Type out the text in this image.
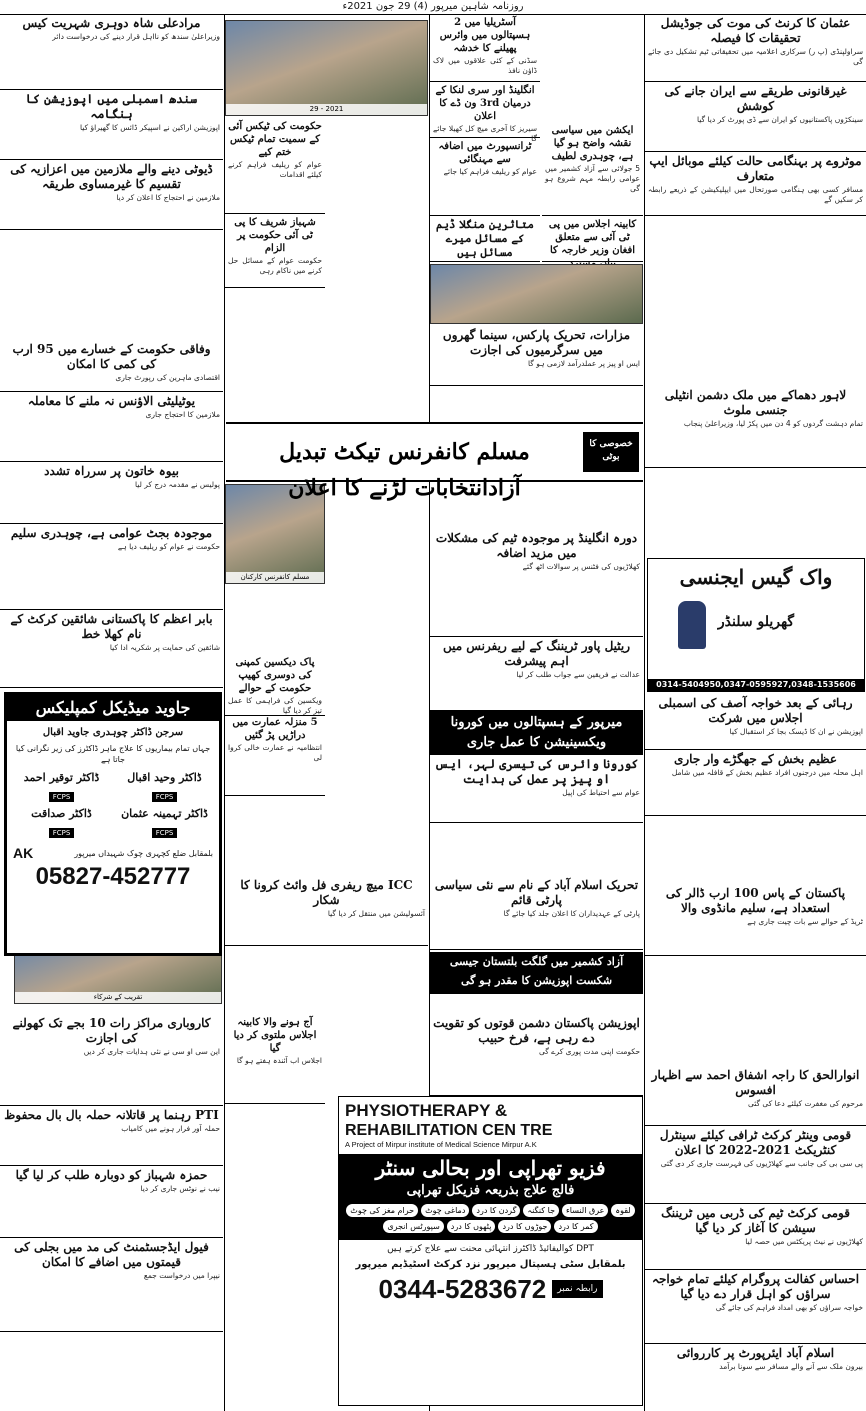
روزنامہ شاہین میرپور (4) 29 جون 2021ء
عثمان کا کرنٹ کی موت کی جوڈیشل تحقیقات کا فیصلہ

سراولپنڈی (پ ر) سرکاری اعلامیہ میں تحقیقاتی ٹیم تشکیل دی جائے گی

غیرقانونی طریقے سے ایران جانے کی کوشش

سینکڑوں پاکستانیوں کو ایران سے ڈی پورٹ کر دیا گیا

موٹروے پر بہنگامی حالت کیلئے موبائل ایپ متعارف

مسافر کسی بھی ہنگامی صورتحال میں ایپلیکیشن کے ذریعے رابطہ کر سکیں گے

لاہور دھماکے میں ملک دشمن انٹیلی جنسی ملوث

تمام دہشت گردوں کو 4 دن میں پکڑ لیا، وزیراعلیٰ پنجاب

واک گیس ایجنسی
گھریلو سلنڈر
0314-5404950,0347-0595927,0348-1535606
رہائی کے بعد خواجہ آصف کی اسمبلی اجلاس میں شرکت

اپوزیشن نے ان کا ڈیسک بجا کر استقبال کیا

عظیم بخش کے جھگڑے وار جاری

اہل محلہ میں درجنوں افراد عظیم بخش کے قافلہ میں شامل

پاکستان کے پاس 100 ارب ڈالر کی استعداد ہے، سلیم مانڈوی والا

ٹریڈ کے حوالے سے بات چیت جاری ہے

انوارالحق کا راجہ اشفاق احمد سے اظہار افسوس

مرحوم کی مغفرت کیلئے دعا کی گئی

قومی وینٹر کرکٹ ٹرافی کیلئے سینٹرل کنٹریکٹ 2021-2022 کا اعلان

پی سی بی کی جانب سے کھلاڑیوں کی فہرست جاری کر دی گئی

قومی کرکٹ ٹیم کی ڈربی میں ٹریننگ سیشن کا آغاز کر دیا گیا

کھلاڑیوں نے نیٹ پریکٹس میں حصہ لیا

احساس کفالت پروگرام کیلئے تمام خواجہ سراؤں کو اہل قرار دے دیا گیا

خواجہ سراؤں کو بھی امداد فراہم کی جائے گی

اسلام آباد ایئرپورٹ پر کارروائی

بیرون ملک سے آنے والے مسافر سے سونا برآمد

آسٹریلیا میں 2 ہسپتالوں میں وائرس پھیلنے کا خدشہ

سڈنی کے کئی علاقوں میں لاک ڈاؤن نافذ

انگلینڈ اور سری لنکا کے درمیان 3rd ون ڈے کا اعلان

سیریز کا آخری میچ کل کھیلا جائے گا

ٹرانسپورٹ میں اضافہ سے مہنگائی

عوام کو ریلیف فراہم کیا جائے

ایکشن میں سیاسی نقشہ واضح ہو گیا ہے، چوہدری لطیف

5 جولائی سے آزاد کشمیر میں عوامی رابطہ مہم شروع ہو گی

کابینہ اجلاس میں پی ٹی آئی سے متعلق افغان وزیر خارجہ کا
متاثرین منگلا ڈیم کے مسائل میرے مسائل ہیں
مزارات، تحریک پارکس، سینما گھروں میں سرگرمیوں کی اجازت

ایس او پیز پر عملدرآمد لازمی ہو گا

دورہ انگلینڈ پر موجودہ ٹیم کی مشکلات میں مزید اضافہ

کھلاڑیوں کی فٹنس پر سوالات اٹھ گئے

ریٹیل پاور ٹریننگ کے لیے ریفرنس میں اہم پیشرفت

عدالت نے فریقین سے جواب طلب کر لیا

میرپور کے ہسپتالوں میں کورونا ویکسینیشن کا عمل جاری
کورونا وائرس کی تیسری لہر، ایس او پیز پر عمل کی ہدایت

عوام سے احتیاط کی اپیل

تحریک اسلام آباد کے نام سے نئی سیاسی پارٹی قائم

پارٹی کے عہدیداران کا اعلان جلد کیا جائے گا

آزاد کشمیر میں گلگت بلتستان جیسی شکست اپوزیشن کا مقدر ہو گی
اپوزیشن پاکستان دشمن قوتوں کو تقویت دے رہی ہے، فرخ حبیب

حکومت اپنی مدت پوری کرے گی

2021 - 29
حکومت کی ٹیکس آئی کے سمیت تمام ٹیکس ختم کیے

عوام کو ریلیف فراہم کرنے کیلئے اقدامات

شہباز شریف کا پی ٹی آئی حکومت پر الزام

حکومت عوام کے مسائل حل کرنے میں ناکام رہی

مسلم کانفرنس کارکنان
پاک دیکسین کمپنی کی دوسری کھیپ حکومت کے حوالے

ویکسین کی فراہمی کا عمل تیز کر دیا گیا

5 منزلہ عمارت میں دراڑیں پڑ گئیں

انتظامیہ نے عمارت خالی کروا لی

ICC میچ ریفری فل وائٹ کرونا کا شکار

آئسولیشن میں منتقل کر دیا گیا

آج ہونے والا کابینہ اجلاس ملتوی کر دیا گیا

اجلاس اب آئندہ ہفتے ہو گا

خصوصی کا بوٹی
مسلم کانفرنس تیکٹ تبدیل آزادانتخابات لڑنے کا اعلان
تقریب کے شرکاء
PHYSIOTHERAPY &
REHABILITATION CEN TRE
A Project of Mirpur institute of Medical Science Mirpur A.K
فزیو تھراپی اور بحالی سنٹر
فالج علاج بذریعہ فزیکل تھراپی
لقوہ
عرق النساء
جا کنگنہ
گردن کا درد
دماغی چوٹ
حرام مغز کی چوٹ
کمر کا درد
جوڑوں کا درد
پٹھوں کا درد
سپورٹس انجری
DPT کوالیفائیڈ ڈاکٹرز انتہائی محنت سے علاج کرتے ہیں
بلمقابل سٹی ہسپتال میرپور نزد کرکٹ اسٹیڈیم میرپور
رابطہ نمبر
0344-5283672
مرادعلی شاہ دوہری شہریت کیس

وزیراعلیٰ سندھ کو نااہل قرار دینے کی درخواست دائر

سندھ اسمبلی میں اپوزیشن کا ہنگامہ

اپوزیشن اراکین نے اسپیکر ڈائس کا گھیراؤ کیا

ڈیوٹی دینے والے ملازمین میں اعزازیہ کی تقسیم کا غیرمساوی طریقہ

ملازمین نے احتجاج کا اعلان کر دیا

وفاقی حکومت کے خسارے میں 95 ارب کی کمی کا امکان

اقتصادی ماہرین کی رپورٹ جاری

یوٹیلیٹی الاؤنس نہ ملنے کا معاملہ

ملازمین کا احتجاج جاری

بیوہ خاتون پر سرراہ تشدد

پولیس نے مقدمہ درج کر لیا

موجودہ بجٹ عوامی ہے، چوہدری سلیم

حکومت نے عوام کو ریلیف دیا ہے

بابر اعظم کا پاکستانی شائقین کرکٹ کے نام کھلا خط

شائقین کی حمایت پر شکریہ ادا کیا

جاوید میڈیکل کمپلیکس
سرجن ڈاکٹر چوہدری جاوید اقبال
جہاں تمام بیماریوں کا علاج ماہر ڈاکٹرز کی زیر نگرانی کیا جاتا ہے
ڈاکٹر وحید اقبال
FCPS
ڈاکٹر توقیر احمد
FCPS
ڈاکٹر تہمینہ عثمان
FCPS
ڈاکٹر صداقت
FCPS
بلمقابل ضلع کچہری چوک شہیداں میرپور
AK
05827-452777
کاروباری مراکز رات 10 بجے تک کھولنے کی اجازت

این سی او سی نے نئی ہدایات جاری کر دیں

PTI رہنما پر قاتلانہ حملہ بال بال محفوظ

حملہ آور فرار ہونے میں کامیاب

حمزہ شہباز کو دوبارہ طلب کر لیا گیا

نیب نے نوٹس جاری کر دیا

فیول ایڈجسٹمنٹ کی مد میں بجلی کی قیمتوں میں اضافے کا امکان

نیپرا میں درخواست جمع
